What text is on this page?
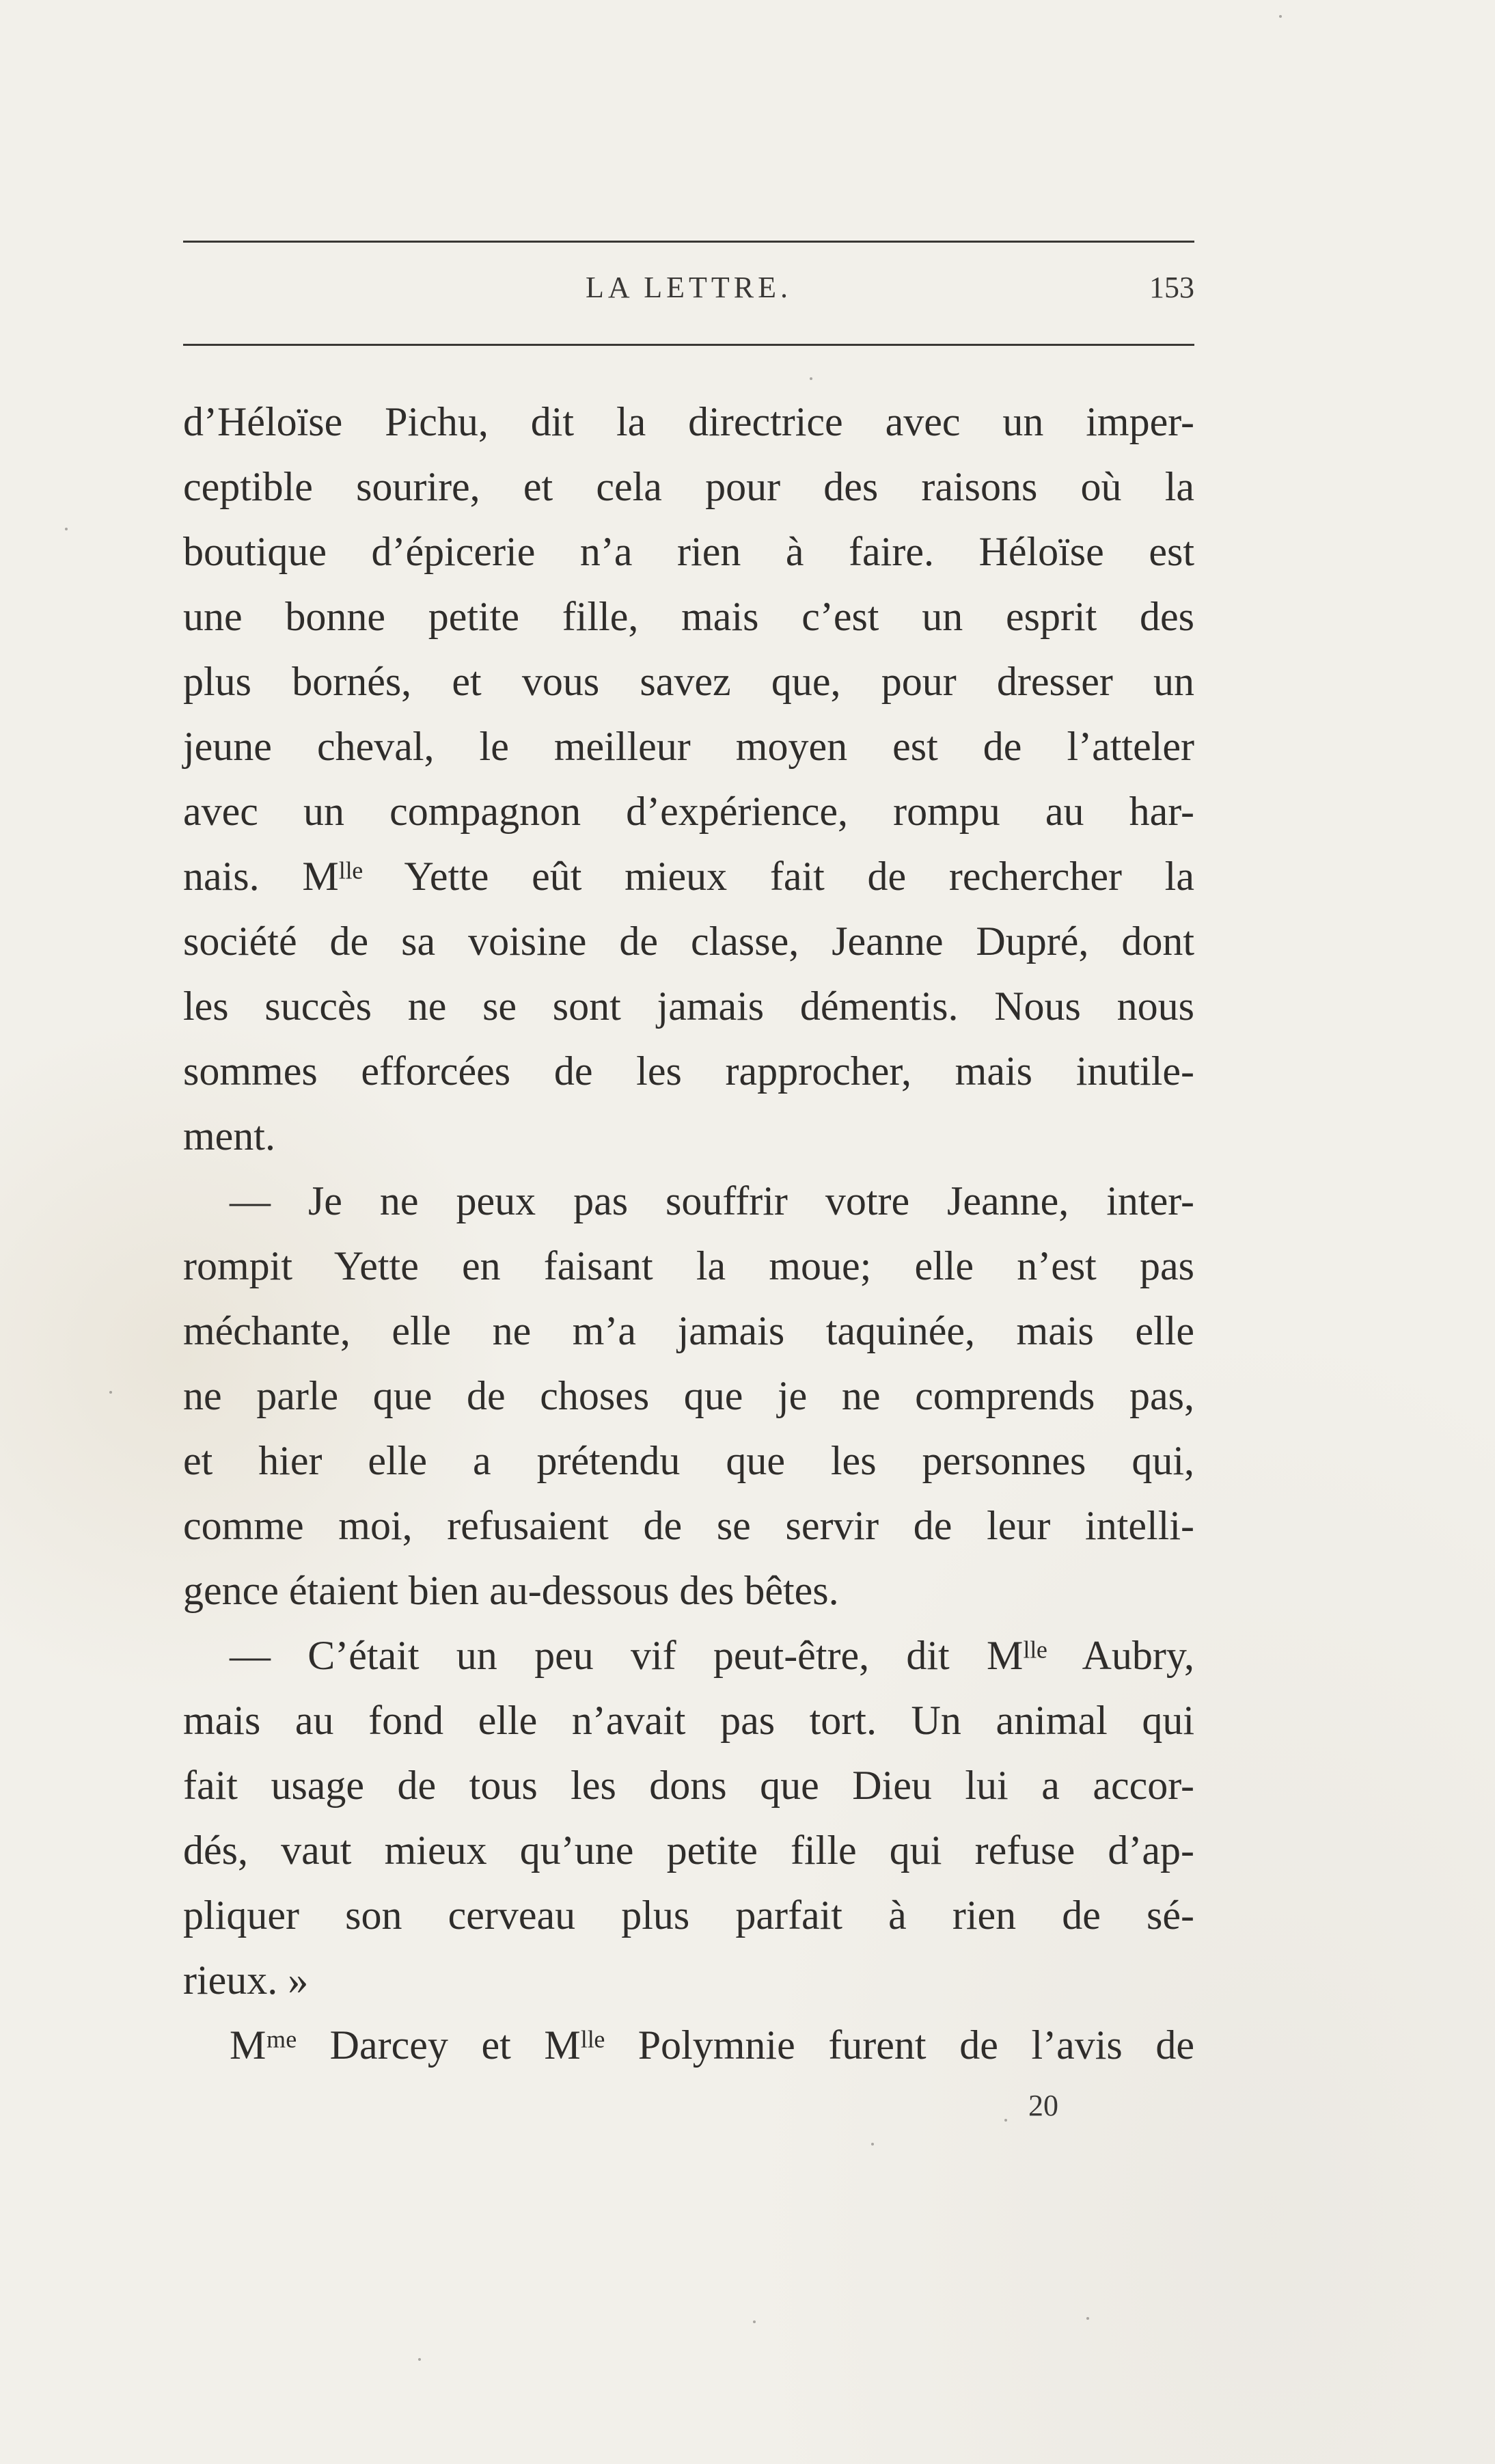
LA LETTRE.	153
d’Héloïse Pichu, dit la directrice avec un imper-
ceptible sourire, et cela pour des raisons où la
boutique d’épicerie n’a rien à faire. Héloïse est
une bonne petite fille, mais c’est un esprit des
plus bornés, et vous savez que, pour dresser un
jeune cheval, le meilleur moyen est de l’atteler
avec un compagnon d’expérience, rompu au har-
nais. Mˡˡᵉ Yette eût mieux fait de rechercher la
société de sa voisine de classe, Jeanne Dupré, dont
les succès ne se sont jamais démentis. Nous nous
sommes efforcées de les rapprocher, mais inutile-
ment.
— Je ne peux pas souffrir votre Jeanne, inter-
rompit Yette en faisant la moue; elle n’est pas
méchante, elle ne m’a jamais taquinée, mais elle
ne parle que de choses que je ne comprends pas,
et hier elle a prétendu que les personnes qui,
comme moi, refusaient de se servir de leur intelli-
gence étaient bien au-dessous des bêtes.
— C’était un peu vif peut-être, dit Mˡˡᵉ Aubry,
mais au fond elle n’avait pas tort. Un animal qui
fait usage de tous les dons que Dieu lui a accor-
dés, vaut mieux qu’une petite fille qui refuse d’ap-
pliquer son cerveau plus parfait à rien de sé-
rieux. »
Mᵐᵉ Darcey et Mˡˡᵉ Polymnie furent de l’avis de
20
